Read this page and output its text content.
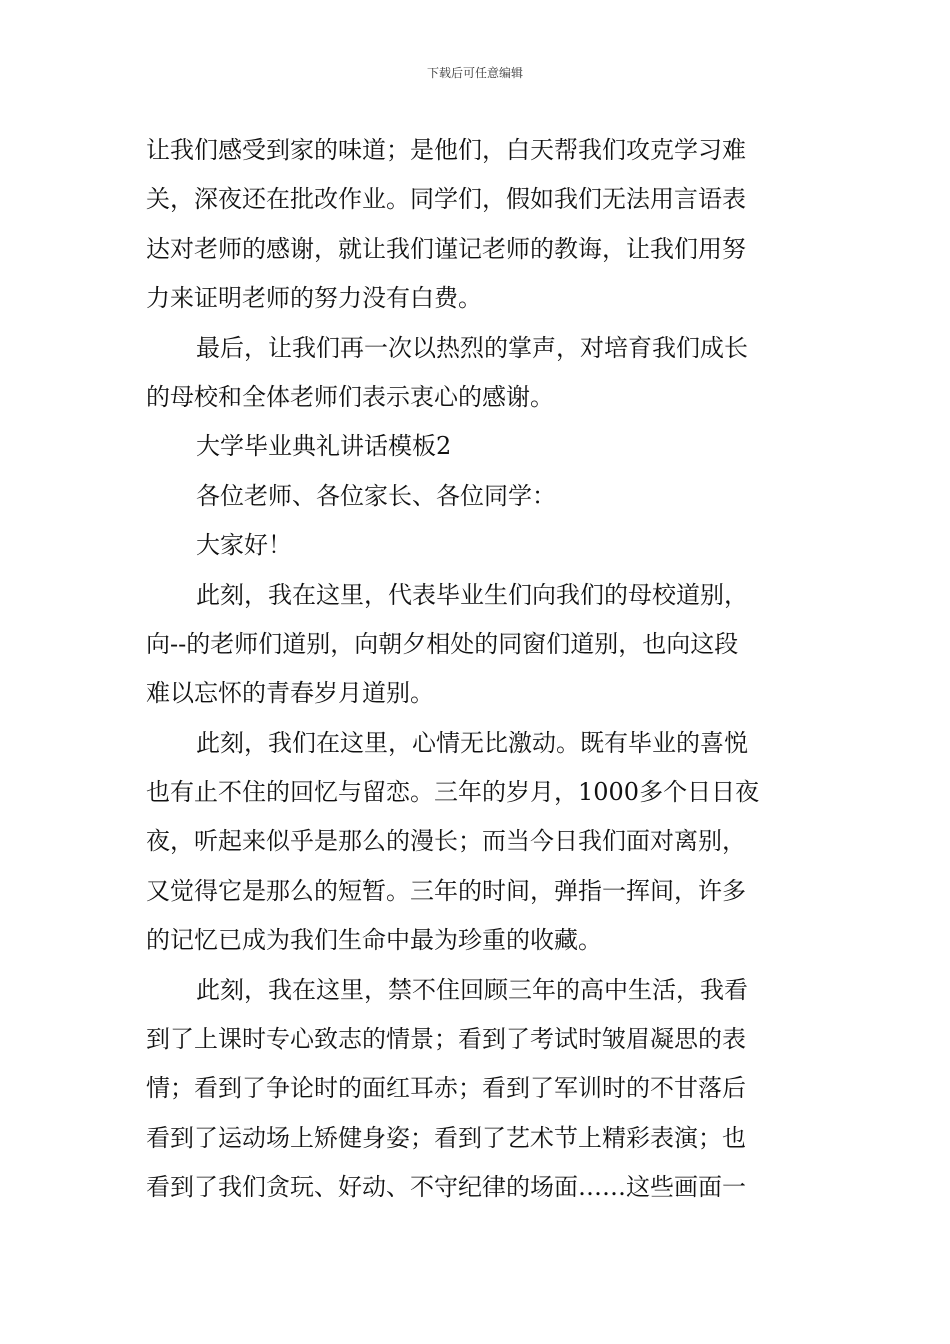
下载后可任意编辑
让我们感受到家的味道；是他们，白天帮我们攻克学习难
关，深夜还在批改作业。同学们，假如我们无法用言语表
达对老师的感谢，就让我们谨记老师的教诲，让我们用努
力来证明老师的努力没有白费。
最后，让我们再一次以热烈的掌声，对培育我们成长
的母校和全体老师们表示衷心的感谢。
大学毕业典礼讲话模板2
各位老师、各位家长、各位同学：
大家好！
此刻，我在这里，代表毕业生们向我们的母校道别，
向--的老师们道别，向朝夕相处的同窗们道别，也向这段
难以忘怀的青春岁月道别。
此刻，我们在这里，心情无比激动。既有毕业的喜悦
也有止不住的回忆与留恋。三年的岁月，1000多个日日夜
夜，听起来似乎是那么的漫长；而当今日我们面对离别，
又觉得它是那么的短暂。三年的时间，弹指一挥间，许多
的记忆已成为我们生命中最为珍重的收藏。
此刻，我在这里，禁不住回顾三年的高中生活，我看
到了上课时专心致志的情景；看到了考试时皱眉凝思的表
情；看到了争论时的面红耳赤；看到了军训时的不甘落后
看到了运动场上矫健身姿；看到了艺术节上精彩表演；也
看到了我们贪玩、好动、不守纪律的场面……这些画面一
